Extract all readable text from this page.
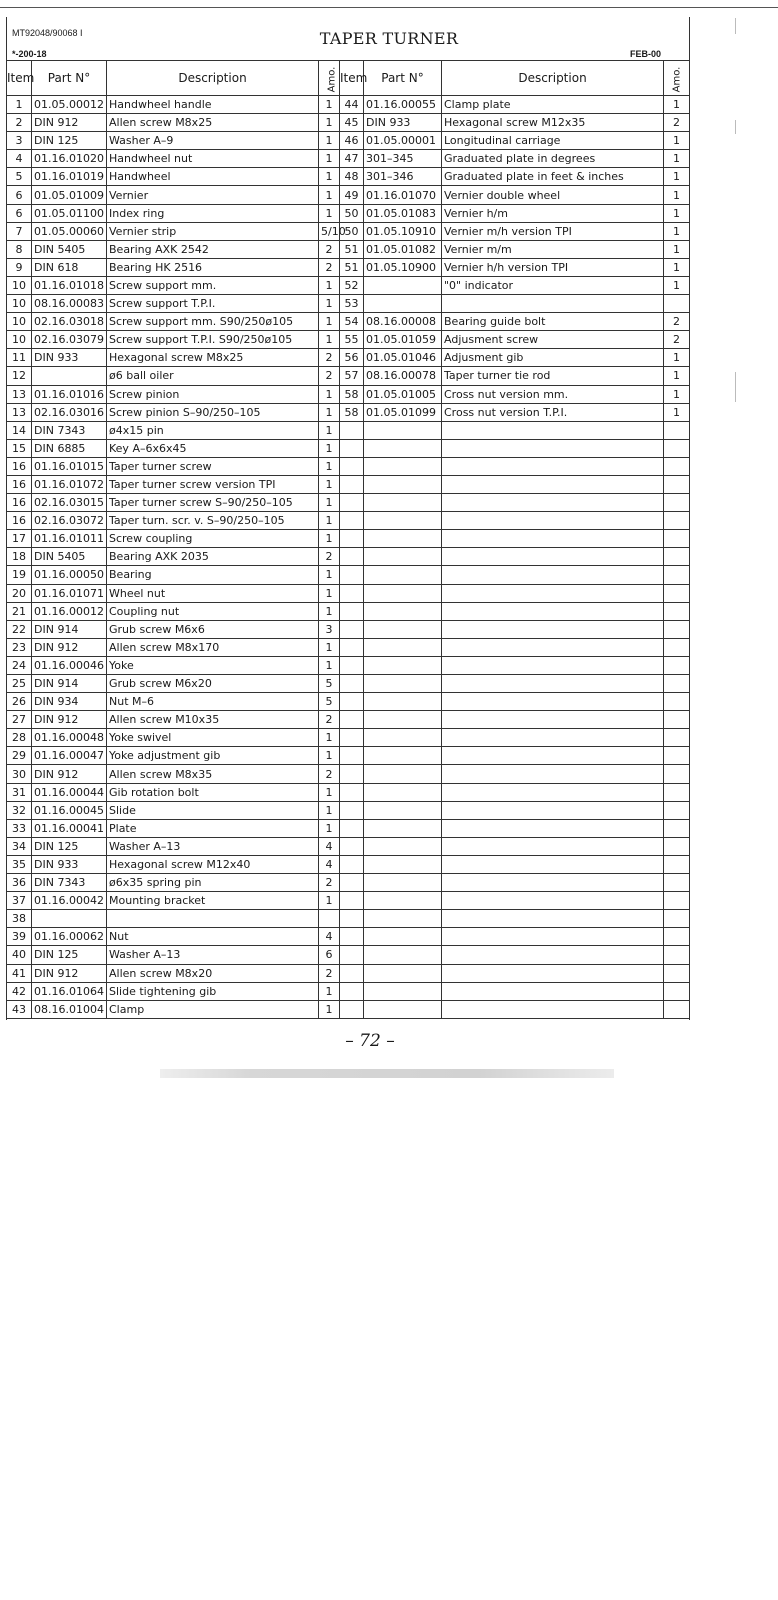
MT92048/90068 I	TAPER TURNER
*-200-18	FEB-00
Item	Part N°	Description	Amo.	Item	Part N°	Description	Amo.
1	01.05.00012	Handwheel handle	1	44	01.16.00055	Clamp plate	1
2	DIN 912	Allen screw M8x25	1	45	DIN 933	Hexagonal screw M12x35	2
3	DIN 125	Washer A–9	1	46	01.05.00001	Longitudinal carriage	1
4	01.16.01020	Handwheel nut	1	47	301–345	Graduated plate in degrees	1
5	01.16.01019	Handwheel	1	48	301–346	Graduated plate in feet & inches	1
6	01.05.01009	Vernier	1	49	01.16.01070	Vernier double wheel	1
6	01.05.01100	Index ring	1	50	01.05.01083	Vernier h/m	1
7	01.05.00060	Vernier strip	5/10	50	01.05.10910	Vernier m/h version TPI	1
8	DIN 5405	Bearing AXK 2542	2	51	01.05.01082	Vernier m/m	1
9	DIN 618	Bearing HK 2516	2	51	01.05.10900	Vernier h/h version TPI	1
10	01.16.01018	Screw support mm.	1	52		"0" indicator	1
10	08.16.00083	Screw support T.P.I.	1	53			
10	02.16.03018	Screw support mm. S90/250ø105	1	54	08.16.00008	Bearing guide bolt	2
10	02.16.03079	Screw support T.P.I. S90/250ø105	1	55	01.05.01059	Adjusment screw	2
11	DIN 933	Hexagonal screw M8x25	2	56	01.05.01046	Adjusment gib	1
12		ø6 ball oiler	2	57	08.16.00078	Taper turner tie rod	1
13	01.16.01016	Screw pinion	1	58	01.05.01005	Cross nut version mm.	1
13	02.16.03016	Screw pinion S–90/250–105	1	58	01.05.01099	Cross nut version T.P.I.	1
14	DIN 7343	ø4x15 pin	1				
15	DIN 6885	Key A–6x6x45	1				
16	01.16.01015	Taper turner screw	1				
16	01.16.01072	Taper turner screw version TPI	1				
16	02.16.03015	Taper turner screw S–90/250–105	1				
16	02.16.03072	Taper turn. scr. v. S–90/250–105	1				
17	01.16.01011	Screw coupling	1				
18	DIN 5405	Bearing AXK 2035	2				
19	01.16.00050	Bearing	1				
20	01.16.01071	Wheel nut	1				
21	01.16.00012	Coupling nut	1				
22	DIN 914	Grub screw M6x6	3				
23	DIN 912	Allen screw M8x170	1				
24	01.16.00046	Yoke	1				
25	DIN 914	Grub screw M6x20	5				
26	DIN 934	Nut M–6	5				
27	DIN 912	Allen screw M10x35	2				
28	01.16.00048	Yoke swivel	1				
29	01.16.00047	Yoke adjustment gib	1				
30	DIN 912	Allen screw M8x35	2				
31	01.16.00044	Gib rotation bolt	1				
32	01.16.00045	Slide	1				
33	01.16.00041	Plate	1				
34	DIN 125	Washer A–13	4				
35	DIN 933	Hexagonal screw M12x40	4				
36	DIN 7343	ø6x35 spring pin	2				
37	01.16.00042	Mounting bracket	1				
38							
39	01.16.00062	Nut	4				
40	DIN 125	Washer A–13	6				
41	DIN 912	Allen screw M8x20	2				
42	01.16.01064	Slide tightening gib	1				
43	08.16.01004	Clamp	1				
– 72 –
